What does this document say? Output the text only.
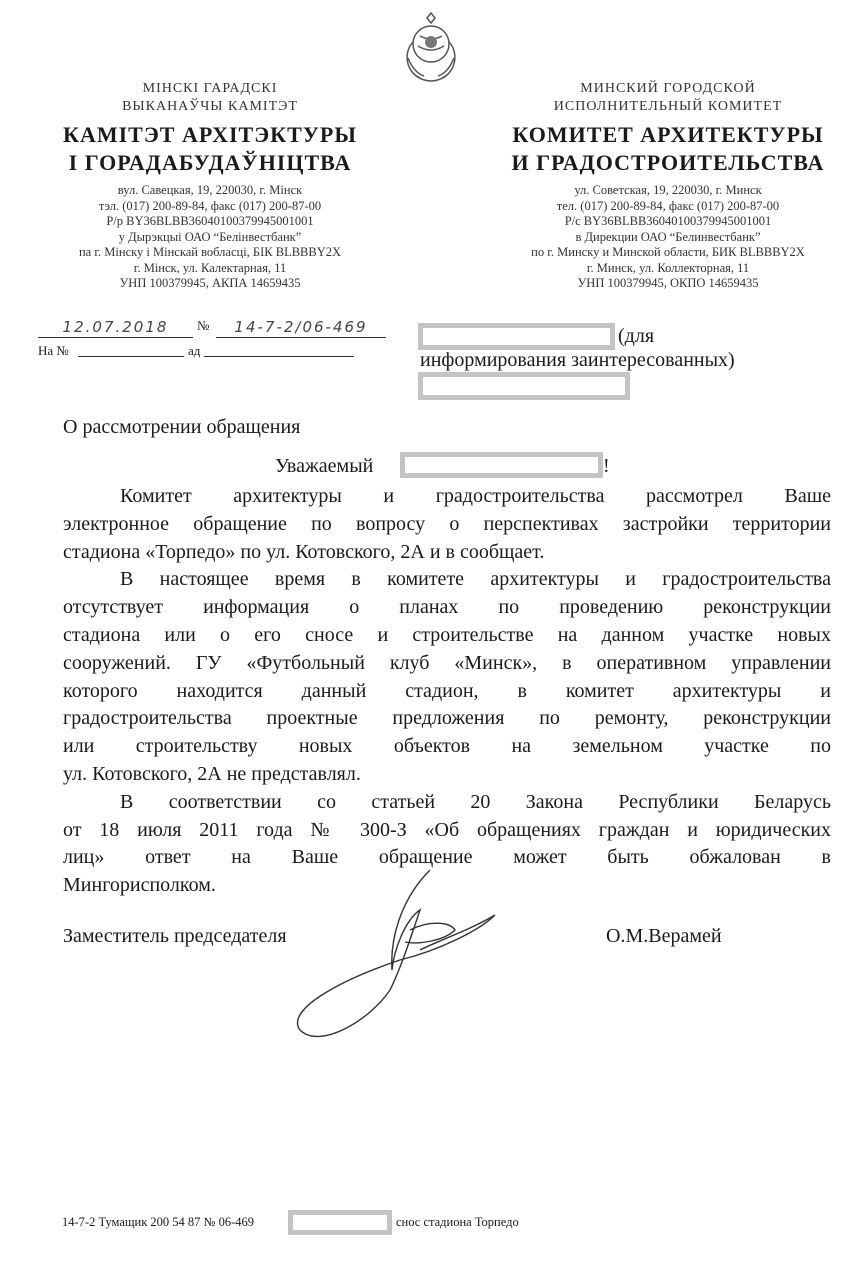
МІНСКІ ГАРАДСКІ
ВЫКАНАЎЧЫ КАМІТЭТ
КАМІТЭТ АРХІТЭКТУРЫ
І ГОРАДАБУДАЎНІЦТВА
вул. Савецкая, 19, 220030, г. Мінск
тэл. (017) 200-89-84, факс (017) 200-87-00
Р/р BY36BLBB36040100379945001001
у Дырэкцыі ОАО “Белінвестбанк”
па г. Мінску і Мінскай вобласці, БІК BLBBBY2X
г. Мінск, ул. Калектарная, 11
УНП 100379945, АКПА 14659435
МИНСКИЙ ГОРОДСКОЙ
ИСПОЛНИТЕЛЬНЫЙ КОМИТЕТ
КОМИТЕТ АРХИТЕКТУРЫ
И ГРАДОСТРОИТЕЛЬСТВА
ул. Советская, 19, 220030, г. Минск
тел. (017) 200-89-84, факс (017) 200-87-00
Р/с BY36BLBB36040100379945001001
в Дирекции ОАО “Белинвестбанк”
по г. Минску и Минской области, БИК BLBBBY2X
г. Минск, ул. Коллекторная, 11
УНП 100379945, ОКПО 14659435
12.07.2018	№	14-7-2/06-469
На №	ад
(для
информирования заинтересованных)
О рассмотрении обращения
Уважаемый	!
Комитет архитектуры и градостроительства рассмотрел Ваше
электронное обращение по вопросу о перспективах застройки территории
стадиона «Торпедо» по ул. Котовского, 2А и в сообщает.
В настоящее время в комитете архитектуры и градостроительства
отсутствует информация о планах по проведению реконструкции
стадиона или о его сносе и строительстве на данном участке новых
сооружений. ГУ «Футбольный клуб «Минск», в оперативном управлении
которого находится данный стадион, в комитет архитектуры и
градостроительства проектные предложения по ремонту, реконструкции
или строительству новых объектов на земельном участке по
ул. Котовского, 2А не представлял.
В соответствии со статьей 20 Закона Республики Беларусь
от 18 июля 2011 года № 300-З «Об обращениях граждан и юридических
лиц» ответ на Ваше обращение может быть обжалован в
Мингорисполком.
Заместитель председателя	О.М.Верамей
14-7-2 Тумащик 200 54 87 № 06-469	снос стадиона Торпедо
